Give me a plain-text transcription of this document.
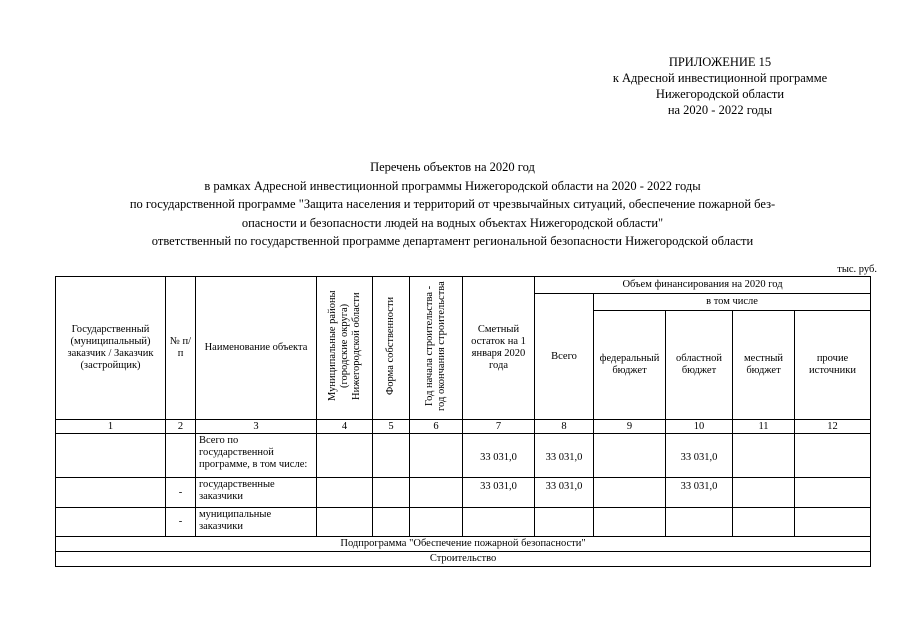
ПРИЛОЖЕНИЕ 15
к Адресной инвестиционной программе
Нижегородской области
на 2020 - 2022 годы
Перечень объектов на 2020 год
в рамках Адресной инвестиционной программы Нижегородской области на 2020 - 2022 годы
по государственной программе "Защита населения и территорий от чрезвычайных ситуаций, обеспечение пожарной без-
опасности и безопасности людей на водных объектах Нижегородской области"
ответственный по государственной программе департамент региональной безопасности Нижегородской области
тыс. руб.
Государственный (муниципальный) заказчик / Заказчик (застройщик)	№ п/п	Наименование объекта	Муниципальные районы (городские округа) Нижегородской области	Форма собственности	Год начала строительства - год окончания строительства	Сметный остаток на 1 января 2020 года	Объем финансирования на 2020 год				
							Всего	в том числе			
								федеральный бюджет	областной бюджет	местный бюджет	прочие источники
1	2	3	4	5	6	7	8	9	10	11	12
		Всего по государственной программе, в том числе:				33 031,0	33 031,0		33 031,0		
	-	государственные заказчики				33 031,0	33 031,0		33 031,0		
	-	муниципальные заказчики									
Подпрограмма "Обеспечение пожарной безопасности"											
Строительство											
